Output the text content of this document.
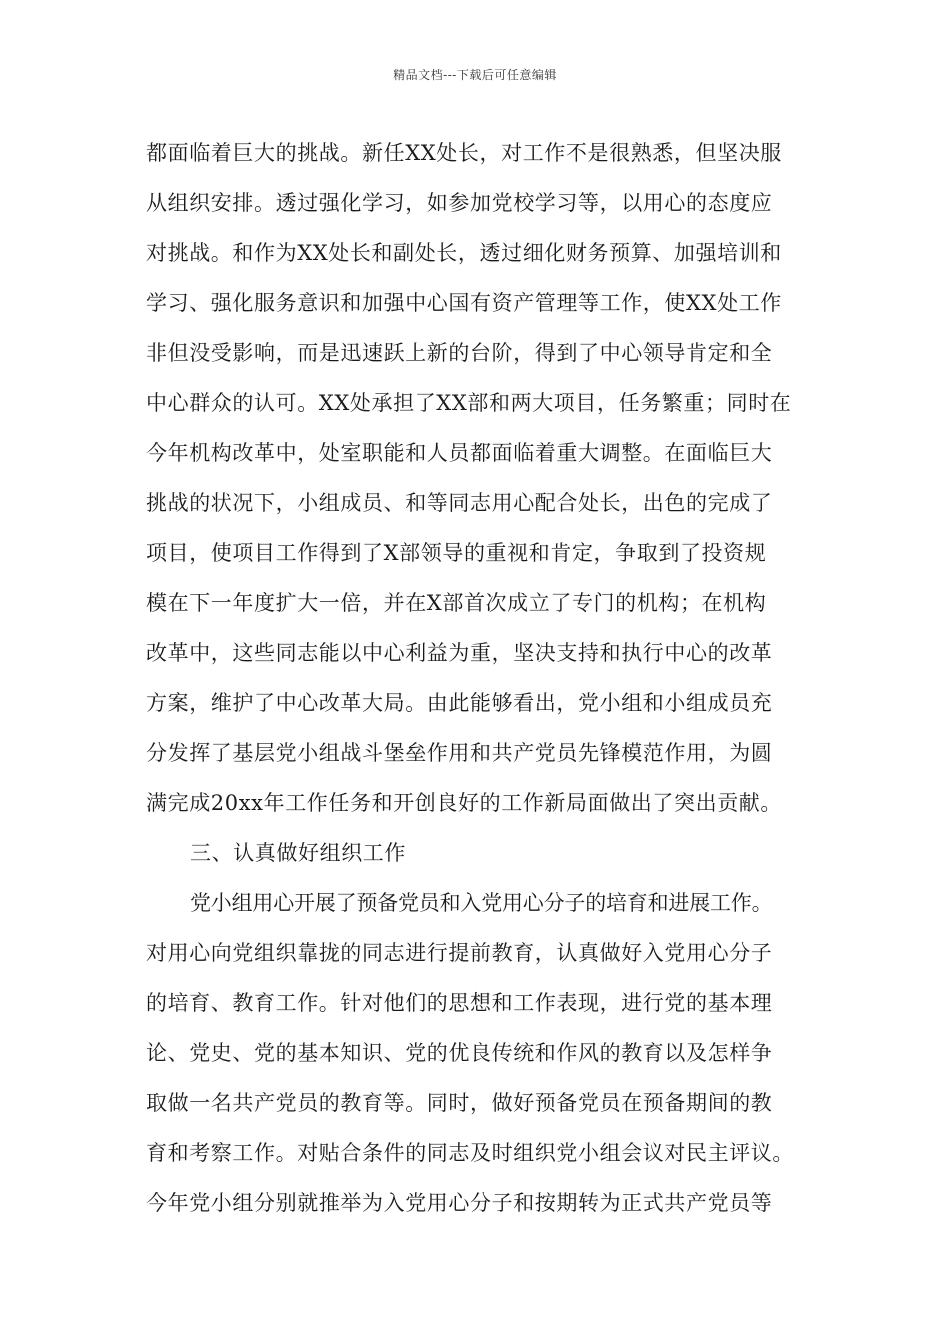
精品文档---下载后可任意编辑
都面临着巨大的挑战。新任XX处长，对工作不是很熟悉，但坚决服
从组织安排。透过强化学习，如参加党校学习等，以用心的态度应
对挑战。和作为XX处长和副处长，透过细化财务预算、加强培训和
学习、强化服务意识和加强中心国有资产管理等工作，使XX处工作
非但没受影响，而是迅速跃上新的台阶，得到了中心领导肯定和全
中心群众的认可。XX处承担了XX部和两大项目，任务繁重；同时在
今年机构改革中，处室职能和人员都面临着重大调整。在面临巨大
挑战的状况下，小组成员、和等同志用心配合处长，出色的完成了
项目，使项目工作得到了X部领导的重视和肯定，争取到了投资规
模在下一年度扩大一倍，并在X部首次成立了专门的机构；在机构
改革中，这些同志能以中心利益为重，坚决支持和执行中心的改革
方案，维护了中心改革大局。由此能够看出，党小组和小组成员充
分发挥了基层党小组战斗堡垒作用和共产党员先锋模范作用，为圆
满完成20xx年工作任务和开创良好的工作新局面做出了突出贡献。
三、认真做好组织工作
党小组用心开展了预备党员和入党用心分子的培育和进展工作。
对用心向党组织靠拢的同志进行提前教育，认真做好入党用心分子
的培育、教育工作。针对他们的思想和工作表现，进行党的基本理
论、党史、党的基本知识、党的优良传统和作风的教育以及怎样争
取做一名共产党员的教育等。同时，做好预备党员在预备期间的教
育和考察工作。对贴合条件的同志及时组织党小组会议对民主评议。
今年党小组分别就推举为入党用心分子和按期转为正式共产党员等
